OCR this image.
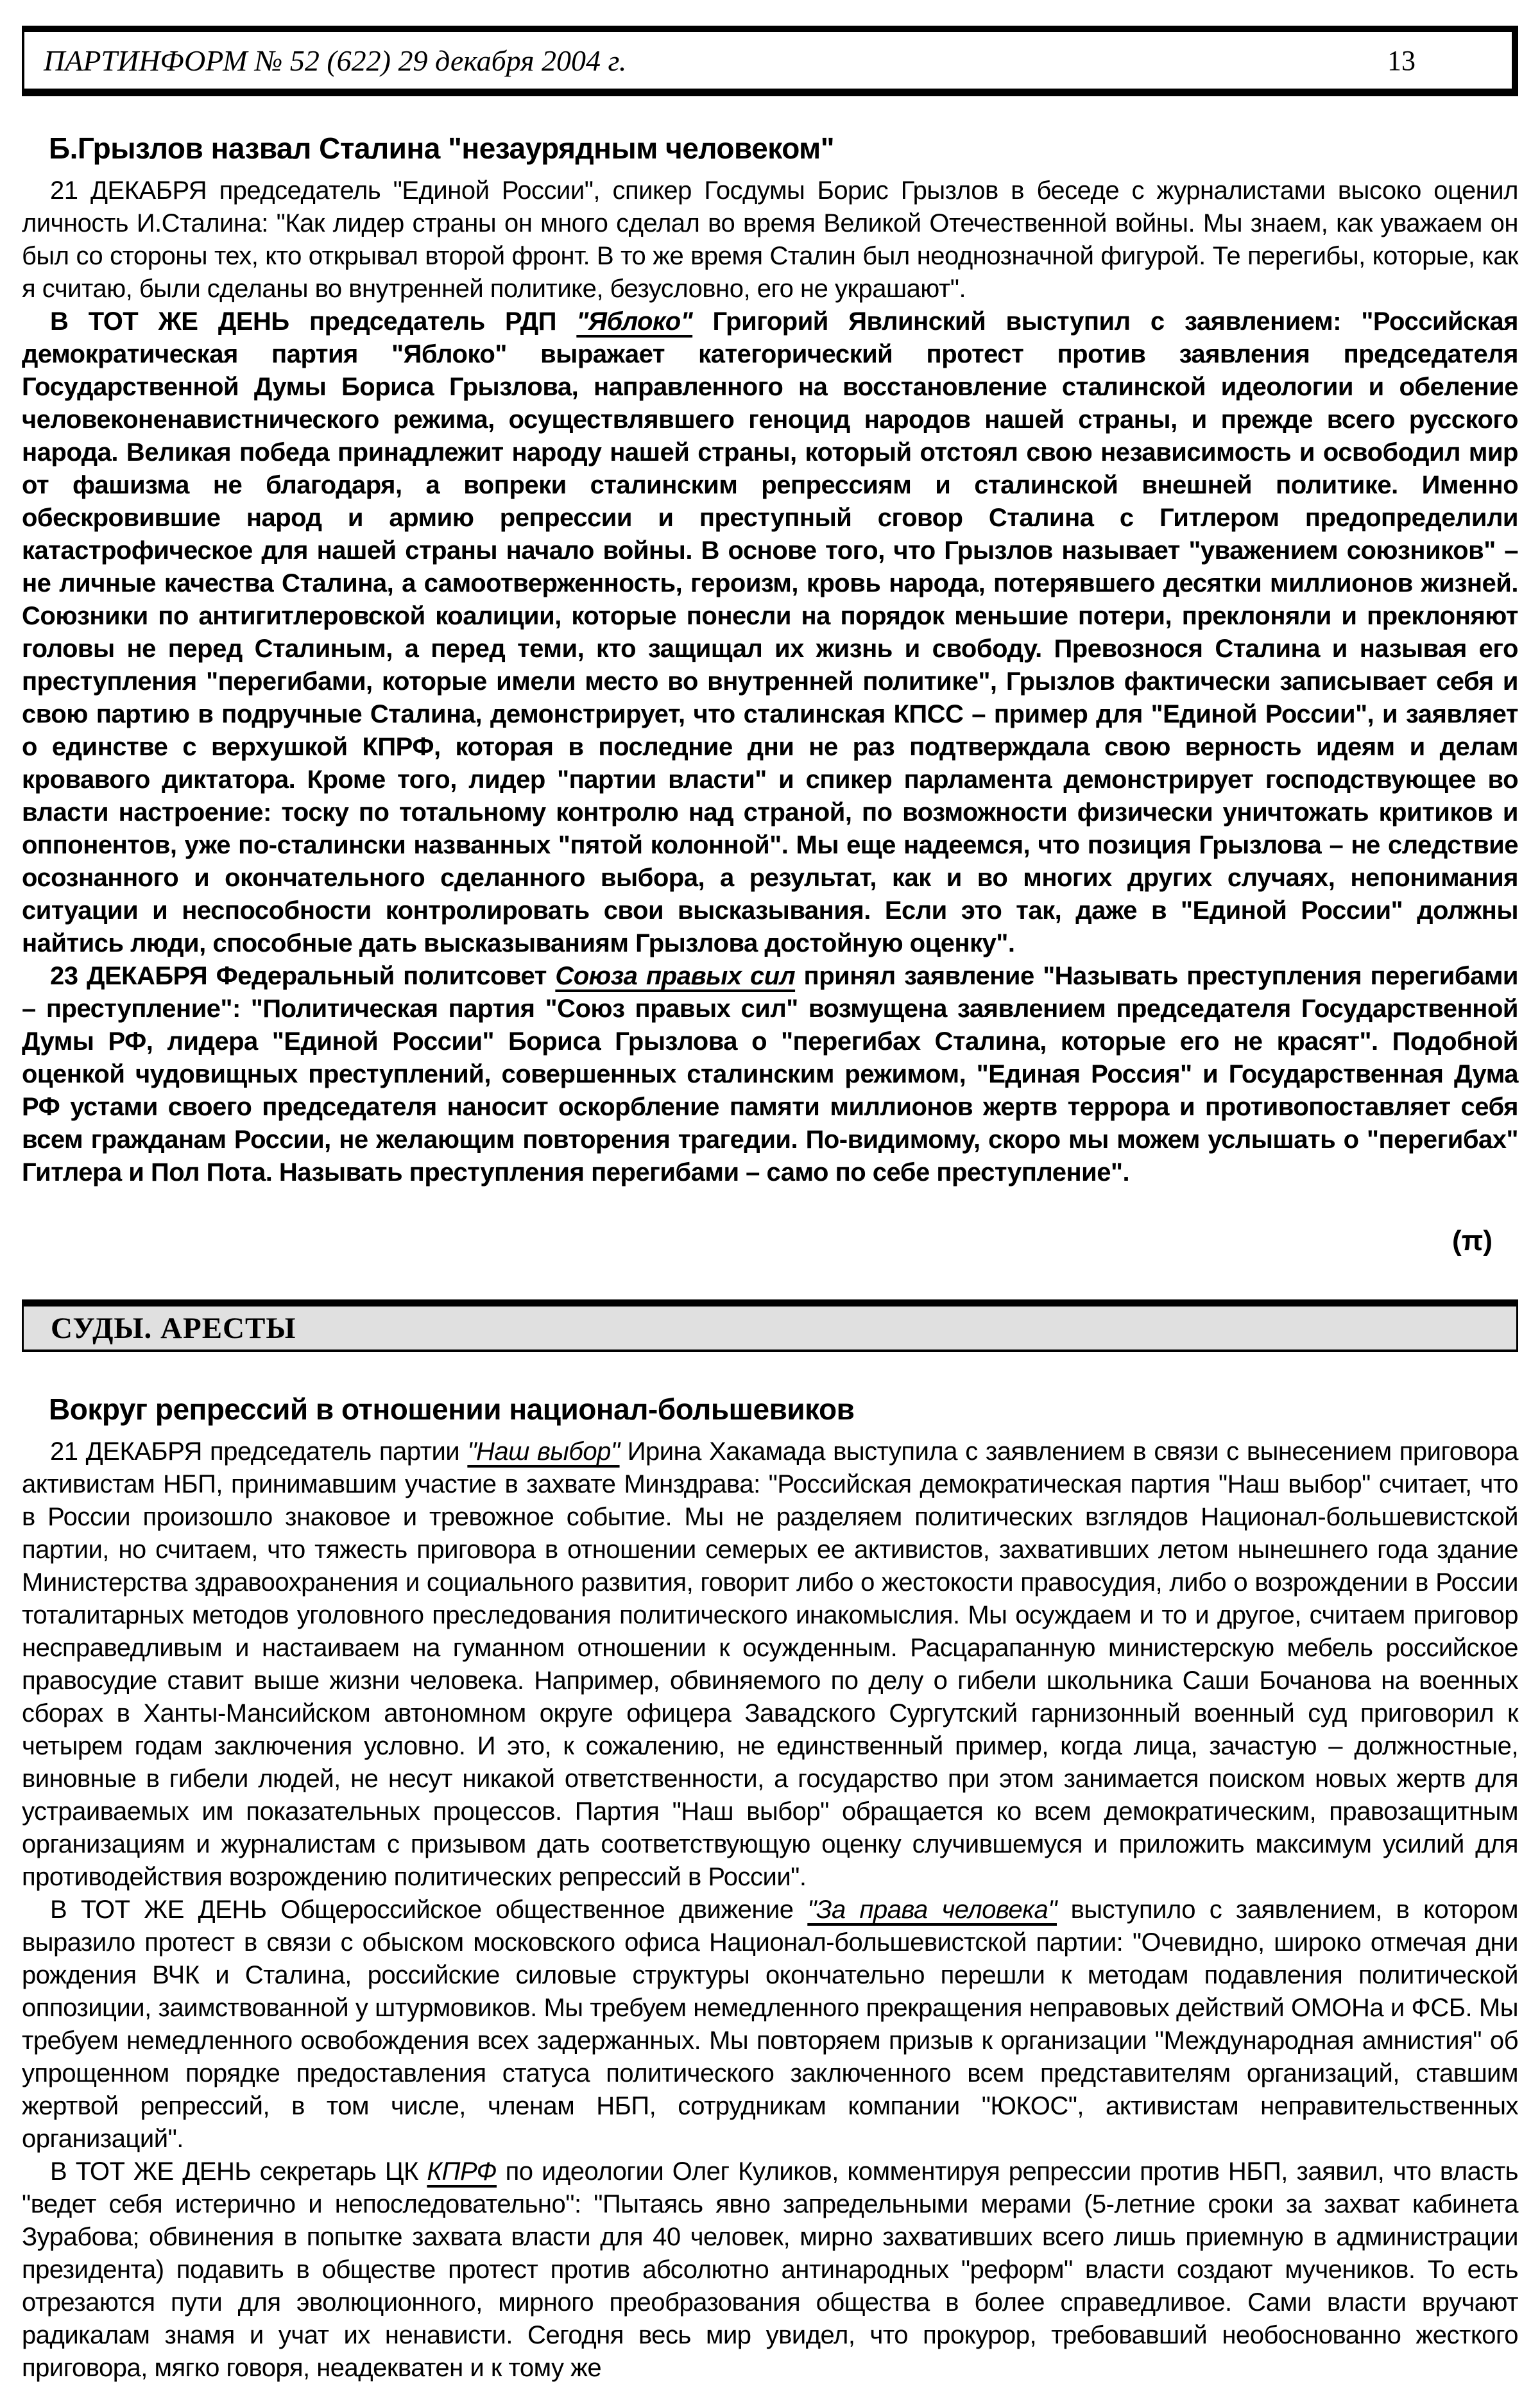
ПАРТИНФОРМ № 52 (622) 29 декабря 2004 г.	13
Б.Грызлов назвал Сталина "незаурядным человеком"

21 ДЕКАБРЯ председатель "Единой России", спикер Госдумы Борис Грызлов в беседе с журналистами высоко оценил личность И.Сталина: "Как лидер страны он много сделал во время Великой Отечественной войны. Мы знаем, как уважаем он был со стороны тех, кто открывал второй фронт. В то же время Сталин был неоднозначной фигурой. Те перегибы, которые, как я считаю, были сделаны во внутренней политике, безусловно, его не украшают".

В ТОТ ЖЕ ДЕНЬ председатель РДП "Яблоко" Григорий Явлинский выступил с заявлением: "Российская демократическая партия "Яблоко" выражает категорический протест против заявления председателя Государственной Думы Бориса Грызлова, направленного на восстановление сталинской идеологии и обеление человеконенавистнического режима, осуществлявшего геноцид народов нашей страны, и прежде всего русского народа. Великая победа принадлежит народу нашей страны, который отстоял свою независимость и освободил мир от фашизма не благодаря, а вопреки сталинским репрессиям и сталинской внешней политике. Именно обескровившие народ и армию репрессии и преступный сговор Сталина с Гитлером предопределили катастрофическое для нашей страны начало войны. В основе того, что Грызлов называет "уважением союзников" – не личные качества Сталина, а самоотверженность, героизм, кровь народа, потерявшего десятки миллионов жизней. Союзники по антигитлеровской коалиции, которые понесли на порядок меньшие потери, преклоняли и преклоняют головы не перед Сталиным, а перед теми, кто защищал их жизнь и свободу. Превознося Сталина и называя его преступления "перегибами, которые имели место во внутренней политике", Грызлов фактически записывает себя и свою партию в подручные Сталина, демонстрирует, что сталинская КПСС – пример для "Единой России", и заявляет о единстве с верхушкой КПРФ, которая в последние дни не раз подтверждала свою верность идеям и делам кровавого диктатора. Кроме того, лидер "партии власти" и спикер парламента демонстрирует господствующее во власти настроение: тоску по тотальному контролю над страной, по возможности физически уничтожать критиков и оппонентов, уже по-сталински названных "пятой колонной". Мы еще надеемся, что позиция Грызлова – не следствие осознанного и окончательного сделанного выбора, а результат, как и во многих других случаях, непонимания ситуации и неспособности контролировать свои высказывания. Если это так, даже в "Единой России" должны найтись люди, способные дать высказываниям Грызлова достойную оценку".

23 ДЕКАБРЯ Федеральный политсовет Союза правых сил принял заявление "Называть преступления перегибами – преступление": "Политическая партия "Союз правых сил" возмущена заявлением председателя Государственной Думы РФ, лидера "Единой России" Бориса Грызлова о "перегибах Сталина, которые его не красят". Подобной оценкой чудовищных преступлений, совершенных сталинским режимом, "Единая Россия" и Государственная Дума РФ устами своего председателя наносит оскорбление памяти миллионов жертв террора и противопоставляет себя всем гражданам России, не желающим повторения трагедии. По-видимому, скоро мы можем услышать о "перегибах" Гитлера и Пол Пота. Называть преступления перегибами – само по себе преступление".

(π)

СУДЫ. АРЕСТЫ
Вокруг репрессий в отношении национал-большевиков

21 ДЕКАБРЯ председатель партии "Наш выбор" Ирина Хакамада выступила с заявлением в связи с вынесением приговора активистам НБП, принимавшим участие в захвате Минздрава: "Российская демократическая партия "Наш выбор" считает, что в России произошло знаковое и тревожное событие. Мы не разделяем политических взглядов Национал-большевистской партии, но считаем, что тяжесть приговора в отношении семерых ее активистов, захвативших летом нынешнего года здание Министерства здравоохранения и социального развития, говорит либо о жестокости правосудия, либо о возрождении в России тоталитарных методов уголовного преследования политического инакомыслия. Мы осуждаем и то и другое, считаем приговор несправедливым и настаиваем на гуманном отношении к осужденным. Расцарапанную министерскую мебель российское правосудие ставит выше жизни человека. Например, обвиняемого по делу о гибели школьника Саши Бочанова на военных сборах в Ханты-Мансийском автономном округе офицера Завадского Сургутский гарнизонный военный суд приговорил к четырем годам заключения условно. И это, к сожалению, не единственный пример, когда лица, зачастую – должностные, виновные в гибели людей, не несут никакой ответственности, а государство при этом занимается поиском новых жертв для устраиваемых им показательных процессов. Партия "Наш выбор" обращается ко всем демократическим, правозащитным организациям и журналистам с призывом дать соответствующую оценку случившемуся и приложить максимум усилий для противодействия возрождению политических репрессий в России".

В ТОТ ЖЕ ДЕНЬ Общероссийское общественное движение "За права человека" выступило с заявлением, в котором выразило протест в связи с обыском московского офиса Национал-большевистской партии: "Очевидно, широко отмечая дни рождения ВЧК и Сталина, российские силовые структуры окончательно перешли к методам подавления политической оппозиции, заимствованной у штурмовиков. Мы требуем немедленного прекращения неправовых действий ОМОНа и ФСБ. Мы требуем немедленного освобождения всех задержанных. Мы повторяем призыв к организации "Международная амнистия" об упрощенном порядке предоставления статуса политического заключенного всем представителям организаций, ставшим жертвой репрессий, в том числе, членам НБП, сотрудникам компании "ЮКОС", активистам неправительственных организаций".

В ТОТ ЖЕ ДЕНЬ секретарь ЦК КПРФ по идеологии Олег Куликов, комментируя репрессии против НБП, заявил, что власть "ведет себя истерично и непоследовательно": "Пытаясь явно запредельными мерами (5-летние сроки за захват кабинета Зурабова; обвинения в попытке захвата власти для 40 человек, мирно захвативших всего лишь приемную в администрации президента) подавить в обществе протест против абсолютно антинародных "реформ" власти создают мучеников. То есть отрезаются пути для эволюционного, мирного преобразования общества в более справедливое. Сами власти вручают радикалам знамя и учат их ненависти. Сегодня весь мир увидел, что прокурор, требовавший необоснованно жесткого приговора, мягко говоря, неадекватен и к тому же
